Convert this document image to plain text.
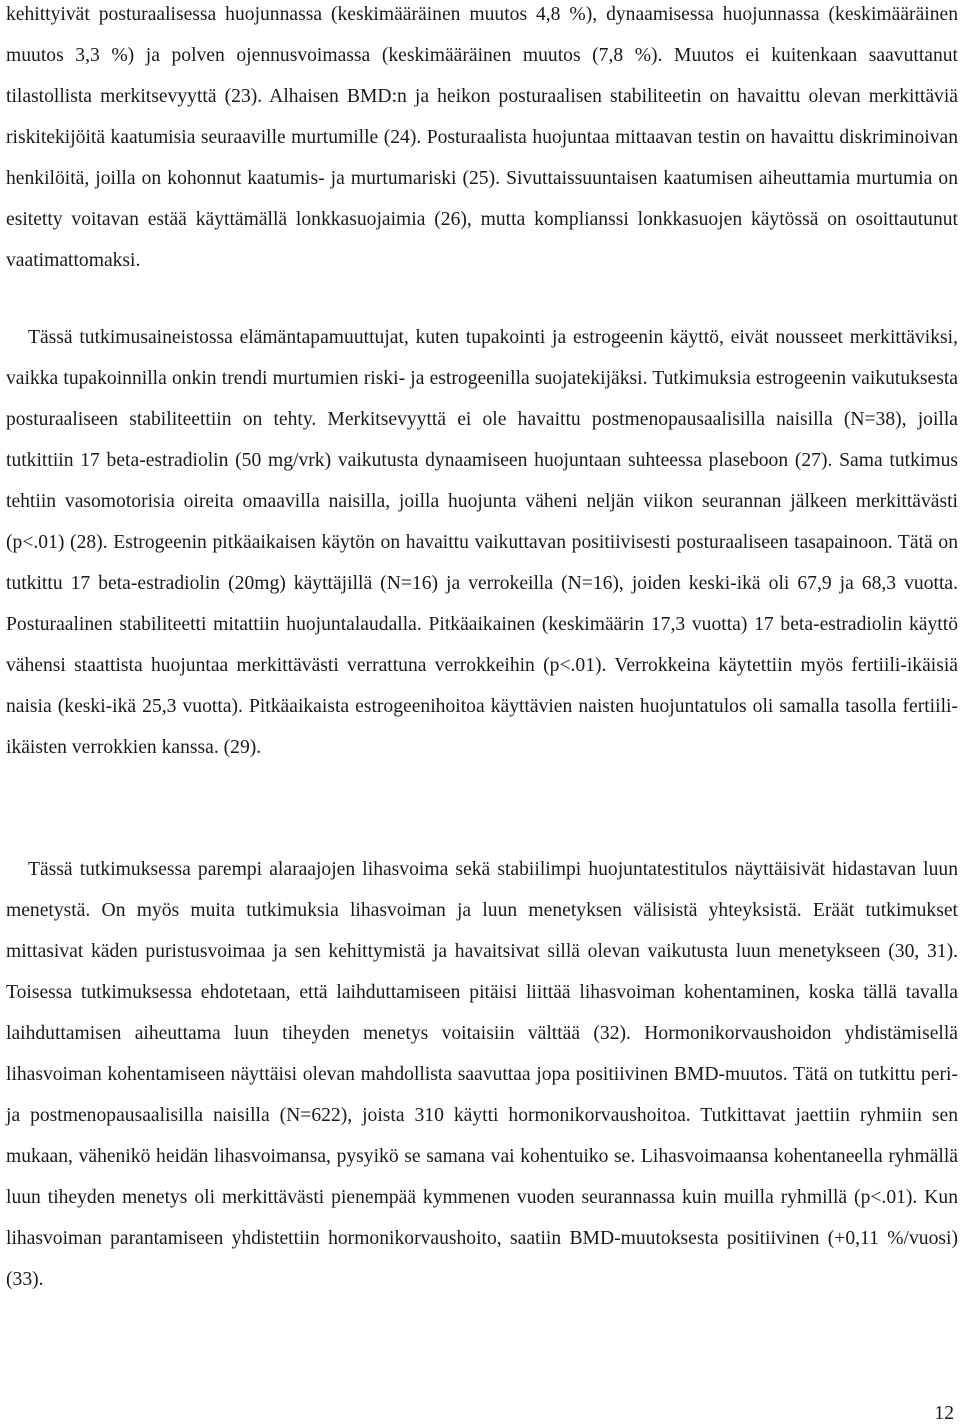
kehittyivät posturaalisessa huojunnassa (keskimääräinen muutos 4,8 %), dynaamisessa huojunnassa (keskimääräinen muutos 3,3 %) ja polven ojennusvoimassa (keskimääräinen muutos (7,8 %). Muutos ei kuitenkaan saavuttanut tilastollista merkitsevyyttä (23). Alhaisen BMD:n ja heikon posturaalisen stabiliteetin on havaittu olevan merkittäviä riskitekijöitä kaatumisia seuraaville murtumille (24). Posturaalista huojuntaa mittaavan testin on havaittu diskriminoivan henkilöitä, joilla on kohonnut kaatumis- ja murtumariski (25). Sivuttaissuuntaisen kaatumisen aiheuttamia murtumia on esitetty voitavan estää käyttämällä lonkkasuojaimia (26), mutta komplianssi lonkkasuojen käytössä on osoittautunut vaatimattomaksi.

Tässä tutkimusaineistossa elämäntapamuuttujat, kuten tupakointi ja estrogeenin käyttö, eivät nousseet merkittäviksi, vaikka tupakoinnilla onkin trendi murtumien riski- ja estrogeenilla suojatekijäksi. Tutkimuksia estrogeenin vaikutuksesta posturaaliseen stabiliteettiin on tehty. Merkitsevyyttä ei ole havaittu postmenopausaalisilla naisilla (N=38), joilla tutkittiin 17 beta-estradiolin (50 mg/vrk) vaikutusta dynaamiseen huojuntaan suhteessa plaseboon (27). Sama tutkimus tehtiin vasomotorisia oireita omaavilla naisilla, joilla huojunta väheni neljän viikon seurannan jälkeen merkittävästi (p<.01) (28). Estrogeenin pitkäaikaisen käytön on havaittu vaikuttavan positiivisesti posturaaliseen tasapainoon. Tätä on tutkittu 17 beta-estradiolin (20mg) käyttäjillä (N=16) ja verrokeilla (N=16), joiden keski-ikä oli 67,9 ja 68,3 vuotta. Posturaalinen stabiliteetti mitattiin huojuntalaudalla. Pitkäaikainen (keskimäärin 17,3 vuotta) 17 beta-estradiolin käyttö vähensi staattista huojuntaa merkittävästi verrattuna verrokkeihin (p<.01). Verrokkeina käytettiin myös fertiili-ikäisiä naisia (keski-ikä 25,3 vuotta). Pitkäaikaista estrogeenihoitoa käyttävien naisten huojuntatulos oli samalla tasolla fertiili-ikäisten verrokkien kanssa. (29).

Tässä tutkimuksessa parempi alaraajojen lihasvoima sekä stabiilimpi huojuntatestitulos näyttäisivät hidastavan luun menetystä. On myös muita tutkimuksia lihasvoiman ja luun menetyksen välisistä yhteyksistä. Eräät tutkimukset mittasivat käden puristusvoimaa ja sen kehittymistä ja havaitsivat sillä olevan vaikutusta luun menetykseen (30, 31). Toisessa tutkimuksessa ehdotetaan, että laihduttamiseen pitäisi liittää lihasvoiman kohentaminen, koska tällä tavalla laihduttamisen aiheuttama luun tiheyden menetys voitaisiin välttää (32). Hormonikorvaushoidon yhdistämisellä lihasvoiman kohentamiseen näyttäisi olevan mahdollista saavuttaa jopa positiivinen BMD-muutos. Tätä on tutkittu peri- ja postmenopausaalisilla naisilla (N=622), joista 310 käytti hormonikorvaushoitoa. Tutkittavat jaettiin ryhmiin sen mukaan, vähenikö heidän lihasvoimansa, pysyikö se samana vai kohentuiko se. Lihasvoimaansa kohentaneella ryhmällä luun tiheyden menetys oli merkittävästi pienempää kymmenen vuoden seurannassa kuin muilla ryhmillä (p<.01). Kun lihasvoiman parantamiseen yhdistettiin hormonikorvaushoito, saatiin BMD-muutoksesta positiivinen (+0,11 %/vuosi) (33).

12
